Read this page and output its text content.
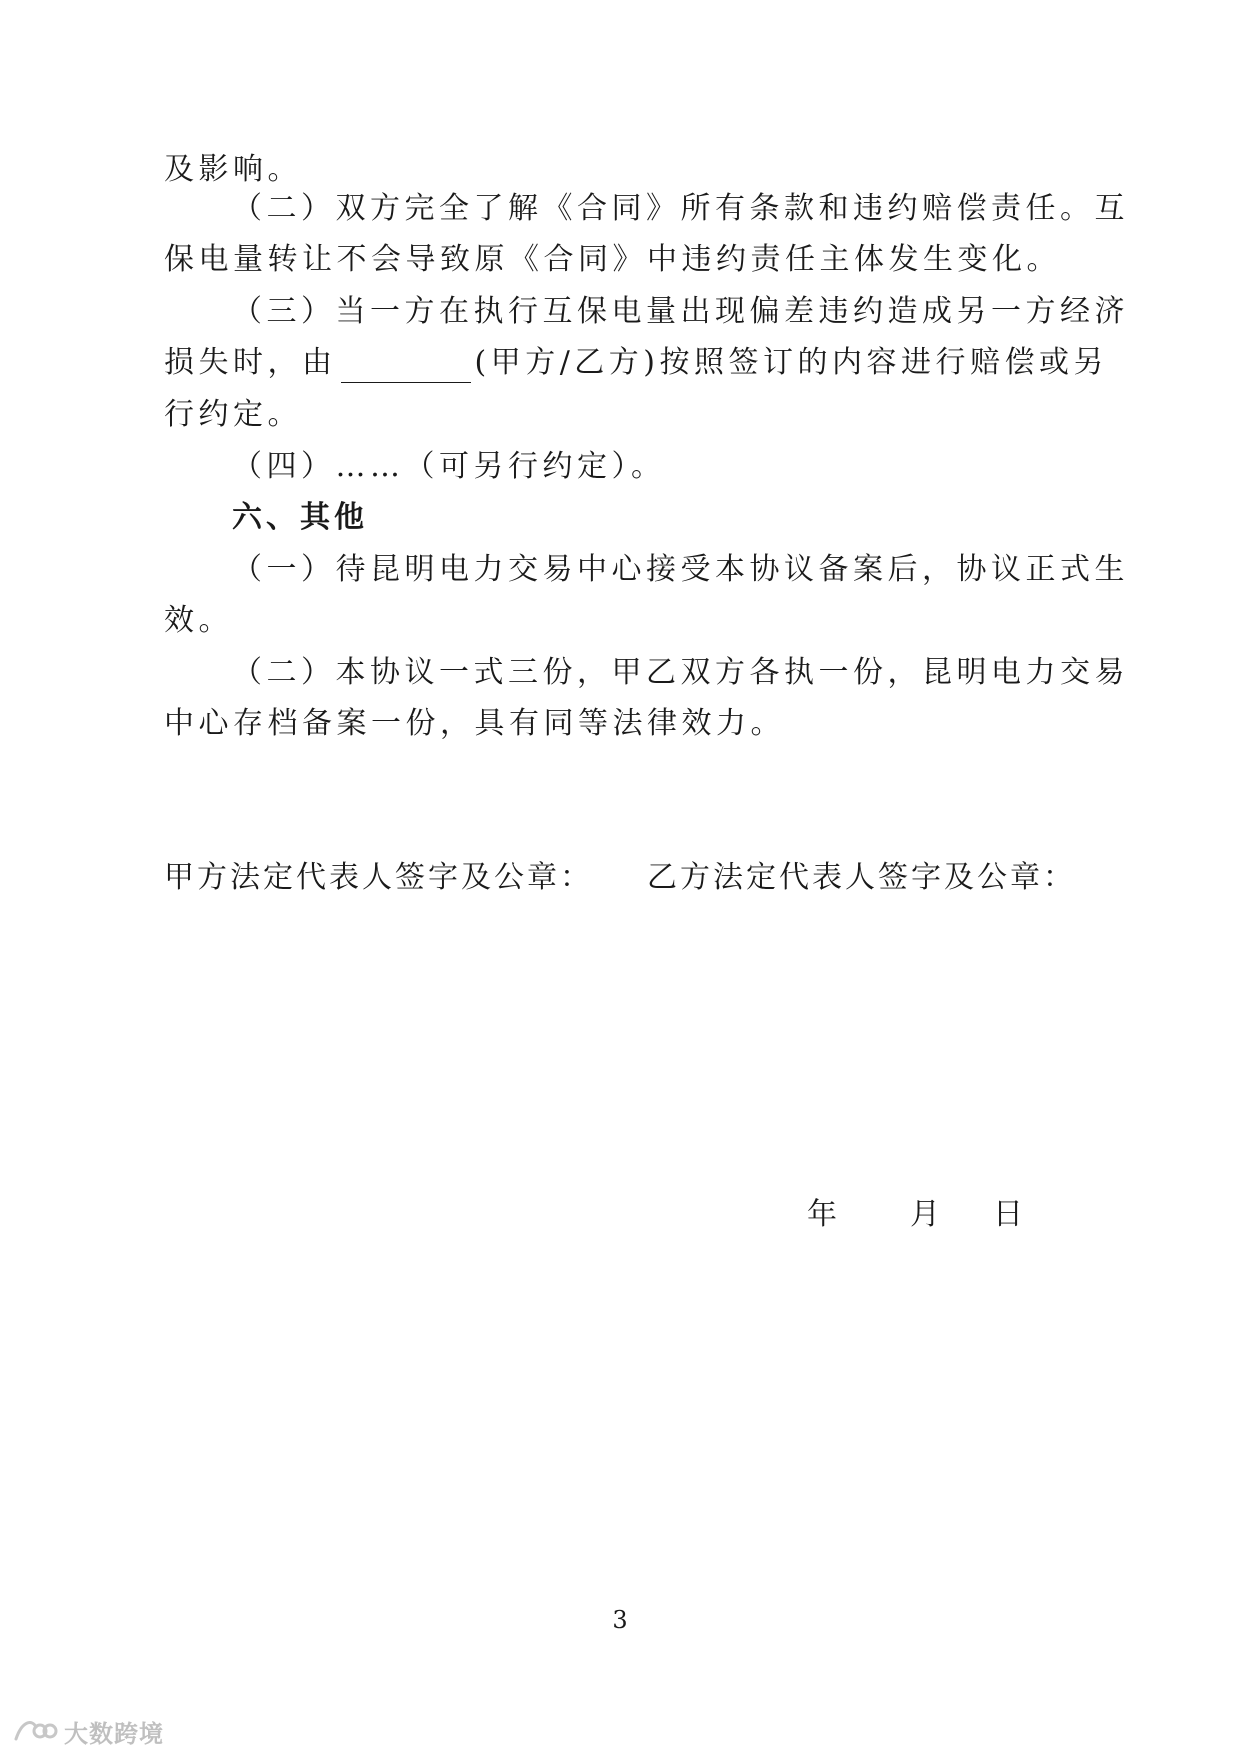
及影响。
（二）双方完全了解《合同》所有条款和违约赔偿责任。互
保电量转让不会导致原《合同》中违约责任主体发生变化。
（三）当一方在执行互保电量出现偏差违约造成另一方经济
损失时，由	(甲方/乙方)按照签订的内容进行赔偿或另
行约定。
（四）……（可另行约定）。
六、其他
（一）待昆明电力交易中心接受本协议备案后，协议正式生
效。
（二）本协议一式三份，甲乙双方各执一份，昆明电力交易
中心存档备案一份，具有同等法律效力。
甲方法定代表人签字及公章： 乙方法定代表人签字及公章：
年 月 日
3
大数跨境
